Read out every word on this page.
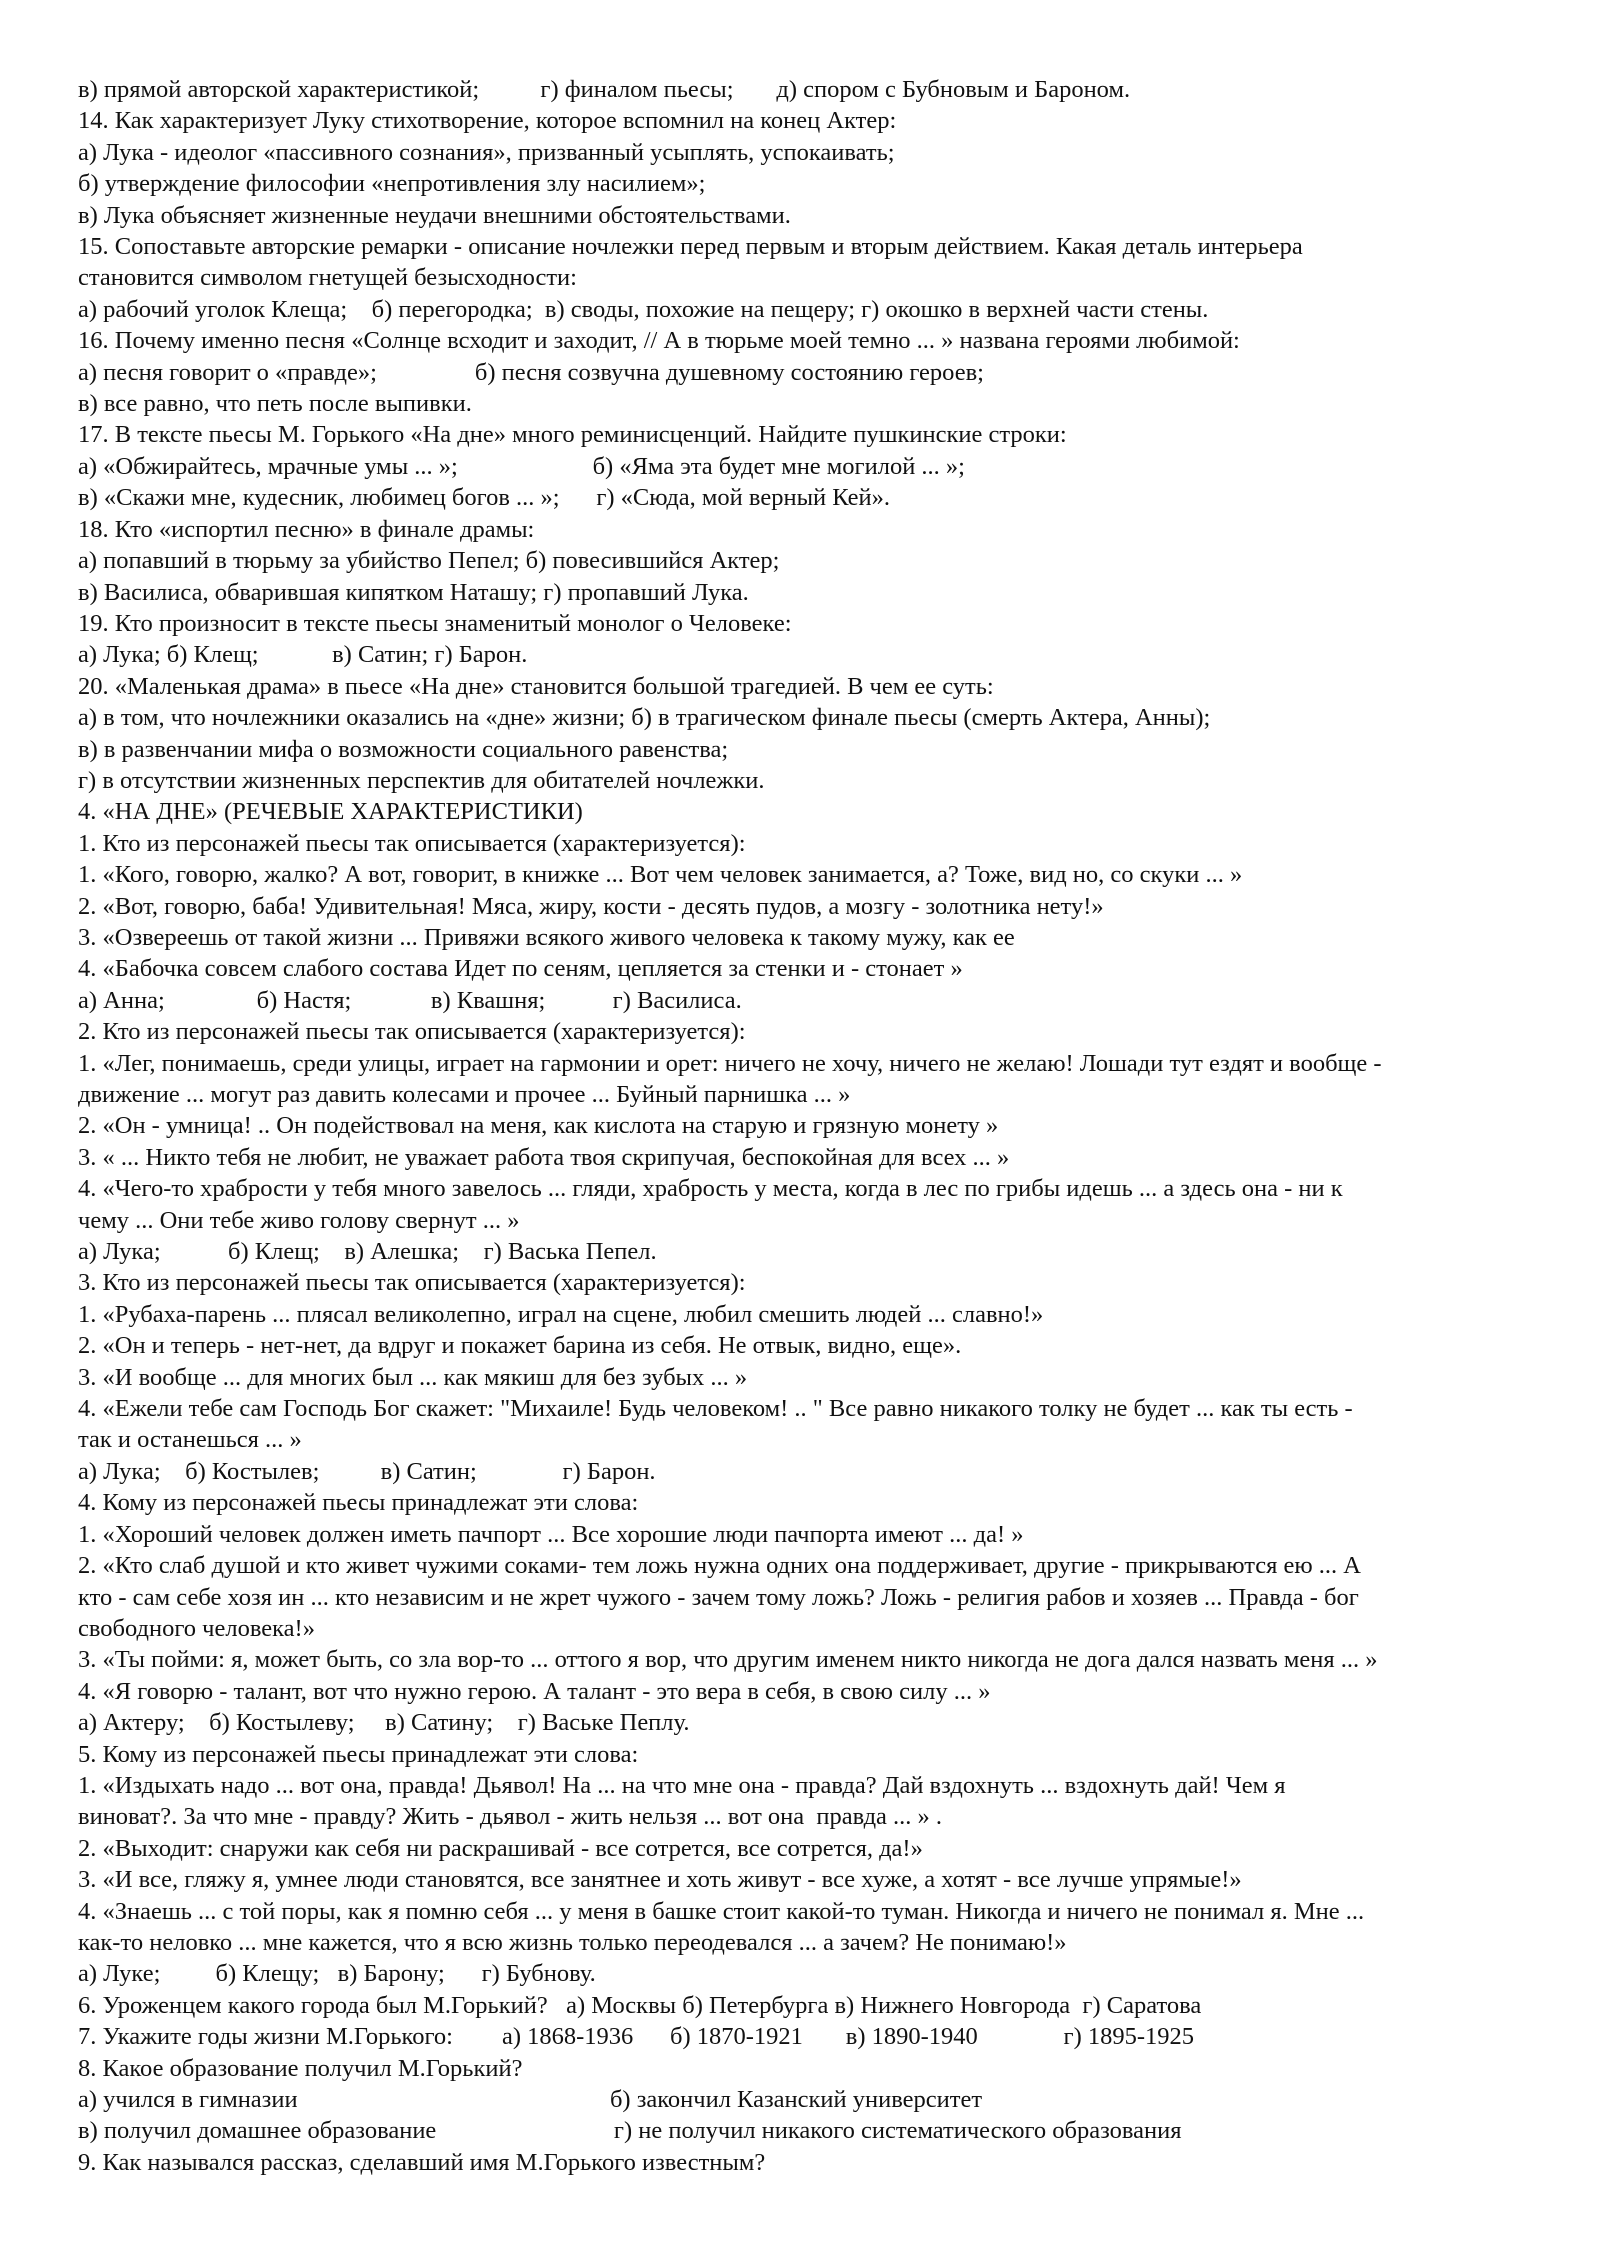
в) прямой авторской характеристикой;          г) финалом пьесы;       д) спором с Бубновым и Бароном.
14. Как характеризует Луку стихотворение, которое вспомнил на конец Актер:
а) Лука - идеолог «пассивного сознания», призванный усыплять, успокаивать;
б) утверждение философии «непротивления злу насилием»;
в) Лука объясняет жизненные неудачи внешними обстоятельствами.
15. Сопоставьте авторские ремарки - описание ночлежки перед первым и вторым действием. Какая деталь интерьера
становится символом гнетущей безысходности:
а) рабочий уголок Клеща;    б) перегородка;  в) своды, похожие на пещеру; г) окошко в верхней части стены.
16. Почему именно песня «Солнце всходит и заходит, // А в тюрьме моей темно ... » названа героями любимой:
а) песня говорит о «правде»;                б) песня созвучна душевному состоянию героев;
в) все равно, что петь после выпивки.
17. В тексте пьесы М. Горького «На дне» много реминисценций. Найдите пушкинские строки:
а) «Обжирайтесь, мрачные умы ... »;                      б) «Яма эта будет мне могилой ... »;
в) «Скажи мне, кудесник, любимец богов ... »;      г) «Сюда, мой верный Кей».
18. Кто «испортил песню» в финале драмы:
а) попавший в тюрьму за убийство Пепел; б) повесившийся Актер;
в) Василиса, обварившая кипятком Наташу; г) пропавший Лука.
19. Кто произносит в тексте пьесы знаменитый монолог о Человеке:
а) Лука; б) Клещ;            в) Сатин; г) Барон.
20. «Маленькая драма» в пьесе «На дне» становится большой трагедией. В чем ее суть:
а) в том, что ночлежники оказались на «дне» жизни; б) в трагическом финале пьесы (смерть Актера, Анны);
в) в развенчании мифа о возможности социального равенства;
г) в отсутствии жизненных перспектив для обитателей ночлежки.
4. «НА ДНЕ» (РЕЧЕВЫЕ ХАРАКТЕРИСТИКИ)
1. Кто из персонажей пьесы так описывается (характеризуется):
1. «Кого, говорю, жалко? А вот, говорит, в книжке ... Вот чем человек занимается, а? Тоже, вид но, со скуки ... »
2. «Вот, говорю, баба! Удивительная! Мяса, жиру, кости - десять пудов, а мозгу - золотника нету!»
3. «Озвереешь от такой жизни ... Привяжи всякого живого человека к такому мужу, как ее
4. «Бабочка совсем слабого состава Идет по сеням, цепляется за стенки и - стонает »
а) Анна;               б) Настя;             в) Квашня;           г) Василиса.
2. Кто из персонажей пьесы так описывается (характеризуется):
1. «Лег, понимаешь, среди улицы, играет на гармонии и орет: ничего не хочу, ничего не желаю! Лошади тут ездят и вообще -
движение ... могут раз давить колесами и прочее ... Буйный парнишка ... »
2. «Он - умница! .. Он подействовал на меня, как кислота на старую и грязную монету »
3. « ... Никто тебя не любит, не уважает работа твоя скрипучая, беспокойная для всех ... »
4. «Чего-то храбрости у тебя много завелось ... гляди, храбрость у места, когда в лес по грибы идешь ... а здесь она - ни к
чему ... Они тебе живо голову свернут ... »
а) Лука;           б) Клещ;    в) Алешка;    г) Васька Пепел.
3. Кто из персонажей пьесы так описывается (характеризуется):
1. «Рубаха-парень ... плясал великолепно, играл на сцене, любил смешить людей ... славно!»
2. «Он и теперь - нет-нет, да вдруг и покажет барина из себя. Не отвык, видно, еще».
3. «И вообще ... для многих был ... как мякиш для без зубых ... »
4. «Ежели тебе сам Господь Бог скажет: "Михаиле! Будь человеком! .. " Все равно никакого толку не будет ... как ты есть -
так и останешься ... »
а) Лука;    б) Костылев;          в) Сатин;              г) Барон.
4. Кому из персонажей пьесы принадлежат эти слова:
1. «Хороший человек должен иметь пачпорт ... Все хорошие люди пачпорта имеют ... да! »
2. «Кто слаб душой и кто живет чужими соками- тем ложь нужна одних она поддерживает, другие - прикрываются ею ... А
кто - сам себе хозя ин ... кто независим и не жрет чужого - зачем тому ложь? Ложь - религия рабов и хозяев ... Правда - бог
свободного человека!»
3. «Ты пойми: я, может быть, со зла вор-то ... оттого я вор, что другим именем никто никогда не дога дался назвать меня ... »
4. «Я говорю - талант, вот что нужно герою. А талант - это вера в себя, в свою силу ... »
а) Актеру;    б) Костылеву;     в) Сатину;    г) Ваське Пеплу.
5. Кому из персонажей пьесы принадлежат эти слова:
1. «Издыхать надо ... вот она, правда! Дьявол! На ... на что мне она - правда? Дай вздохнуть ... вздохнуть дай! Чем я
виноват?. За что мне - правду? Жить - дьявол - жить нельзя ... вот она  правда ... » .
2. «Выходит: снаружи как себя ни раскрашивай - все сотрется, все сотрется, да!»
3. «И все, гляжу я, умнее люди становятся, все занятнее и хоть живут - все хуже, а хотят - все лучше упрямые!»
4. «Знаешь ... с той поры, как я помню себя ... у меня в башке стоит какой-то туман. Никогда и ничего не понимал я. Мне ...
как-то неловко ... мне кажется, что я всю жизнь только переодевался ... а зачем? Не понимаю!»
а) Луке;         б) Клещу;   в) Барону;      г) Бубнову.
6. Уроженцем какого города был М.Горький?   а) Москвы б) Петербурга в) Нижнего Новгорода  г) Саратова
7. Укажите годы жизни М.Горького:        а) 1868-1936      б) 1870-1921       в) 1890-1940              г) 1895-1925
8. Какое образование получил М.Горький?
а) учился в гимназии                                                   б) закончил Казанский университет
в) получил домашнее образование                             г) не получил никакого систематического образования
9. Как назывался рассказ, сделавший имя М.Горького известным?
